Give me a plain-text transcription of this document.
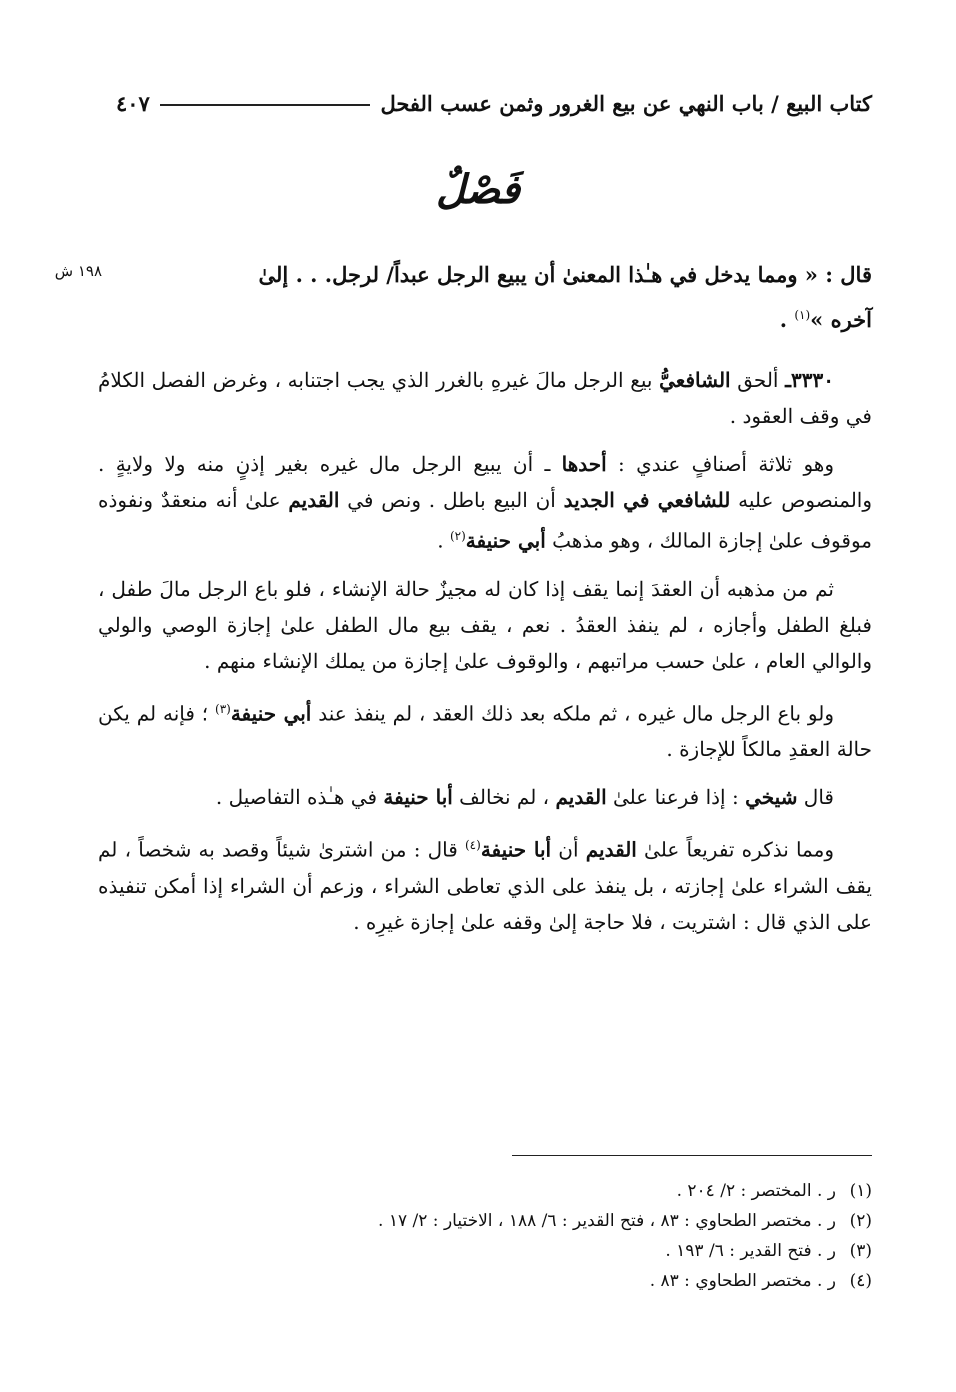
كتاب البيع / باب النهي عن بيع الغرور وثمن عسب الفحل
٤٠٧
فَصْلٌ
١٩٨ ش	قال : « ومما يدخل في هـٰذا المعنىٰ أن يبيع الرجل عبداً/ لرجل. . . إلىٰ
آخره »$^{(١)}$ .

٣٣٣٠ـ ألحق الشافعيُّ بيع الرجل مالَ غيرهِ بالغرر الذي يجب اجتنابه ، وغرض الفصل الكلامُ في وقف العقود .

وهو ثلاثة أصنافٍ عندي : أحدها ـ أن يبيع الرجل مال غيره بغير إذنٍ منه ولا ولايةٍ . والمنصوص عليه للشافعي في الجديد أن البيع باطل . ونص في القديم علىٰ أنه منعقدٌ ونفوذه موقوف علىٰ إجازة المالك ، وهو مذهبُ أبي حنيفة$^{(٢)}$ .

ثم من مذهبه أن العقدَ إنما يقف إذا كان له مجيزٌ حالة الإنشاء ، فلو باع الرجل مالَ طفل ، فبلغ الطفل وأجازه ، لم ينفذ العقدُ . نعم ، يقف بيع مال الطفل علىٰ إجازة الوصي والولي والوالي العام ، علىٰ حسب مراتبهم ، والوقوف علىٰ إجازة من يملك الإنشاء منهم .

ولو باع الرجل مال غيره ، ثم ملكه بعد ذلك العقد ، لم ينفذ عند أبي حنيفة$^{(٣)}$ ؛ فإنه لم يكن حالة العقدِ مالكاً للإجازة .

قال شيخي : إذا فرعنا علىٰ القديم ، لم نخالف أبا حنيفة في هـٰذه التفاصيل .

ومما نذكره تفريعاً علىٰ القديم أن أبا حنيفة$^{(٤)}$ قال : من اشترىٰ شيئاً وقصد به شخصاً ، لم يقف الشراء علىٰ إجازته ، بل ينفذ على الذي تعاطى الشراء ، وزعم أن الشراء إذا أمكن تنفيذه على الذي قال : اشتريت ، فلا حاجة إلىٰ وقفه علىٰ إجازة غيرِه .

(١)
ر . المختصر : ٢/ ٢٠٤ .
(٢)
ر . مختصر الطحاوي : ٨٣ ، فتح القدير : ٦/ ١٨٨ ، الاختيار : ٢/ ١٧ .
(٣)
ر . فتح القدير : ٦/ ١٩٣ .
(٤)
ر . مختصر الطحاوي : ٨٣ .
